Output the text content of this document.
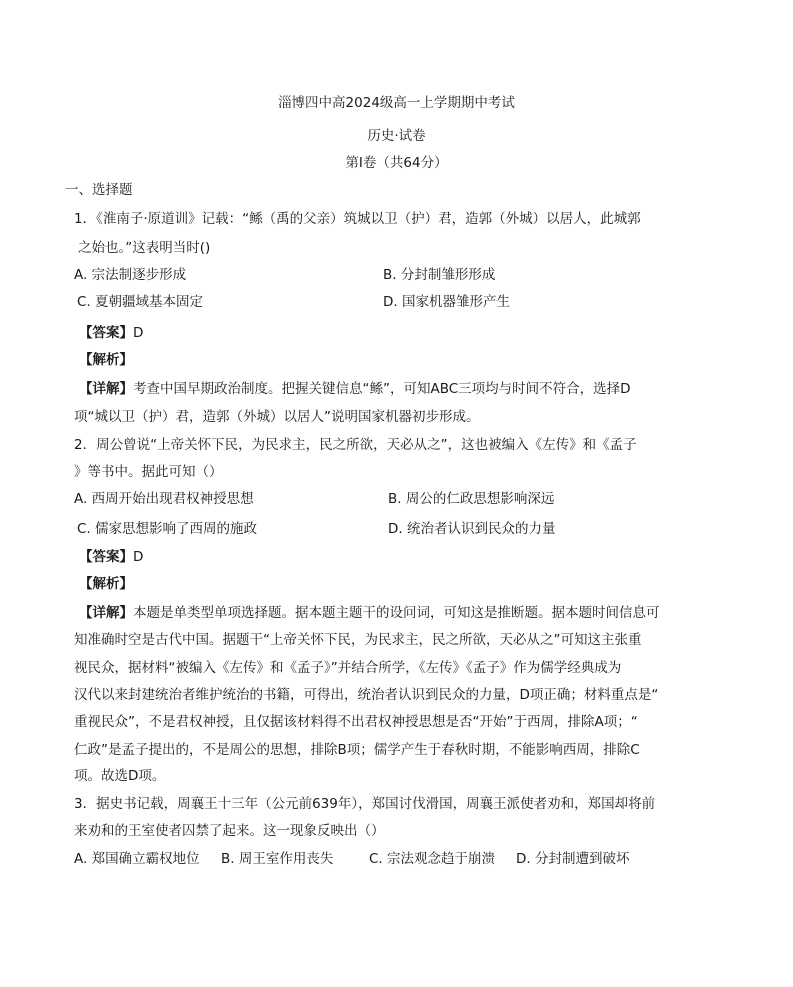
淄博四中高2024级高一上学期期中考试
历史·试卷
第Ⅰ卷（共64分）
一、选择题
1．《淮南子·原道训》记载：“鲧（禹的父亲）筑城以卫（护）君，造郭（外城）以居人，此城郭
之始也。”这表明当时()
A. 宗法制逐步形成	B. 分封制雏形形成
C. 夏朝疆域基本固定	D. 国家机器雏形产生
【答案】D
【解析】
【详解】考查中国早期政治制度。把握关键信息“鲧”，可知ABC三项均与时间不符合，选择D
项“城以卫（护）君，造郭（外城）以居人”说明国家机器初步形成。
2．周公曾说“上帝关怀下民，为民求主，民之所欲，天必从之”，这也被编入《左传》和《孟子
》等书中。据此可知（）
A. 西周开始出现君权神授思想	B. 周公的仁政思想影响深远
C. 儒家思想影响了西周的施政	D. 统治者认识到民众的力量
【答案】D
【解析】
【详解】本题是单类型单项选择题。据本题主题干的设问词，可知这是推断题。据本题时间信息可
知准确时空是古代中国。据题干“上帝关怀下民，为民求主，民之所欲，天必从之”可知这主张重
视民众，据材料“被编入《左传》和《孟子》”并结合所学，《左传》《孟子》作为儒学经典成为
汉代以来封建统治者维护统治的书籍，可得出，统治者认识到民众的力量，D项正确；材料重点是“
重视民众”，不是君权神授，且仅据该材料得不出君权神授思想是否“开始”于西周，排除A项；“
仁政”是孟子提出的，不是周公的思想，排除B项；儒学产生于春秋时期，不能影响西周，排除C
项。故选D项。
3．据史书记载，周襄王十三年（公元前639年），郑国讨伐滑国，周襄王派使者劝和，郑国却将前
来劝和的王室使者囚禁了起来。这一现象反映出（）
A. 郑国确立霸权地位 B. 周王室作用丧失	C. 宗法观念趋于崩溃 D. 分封制遭到破坏
